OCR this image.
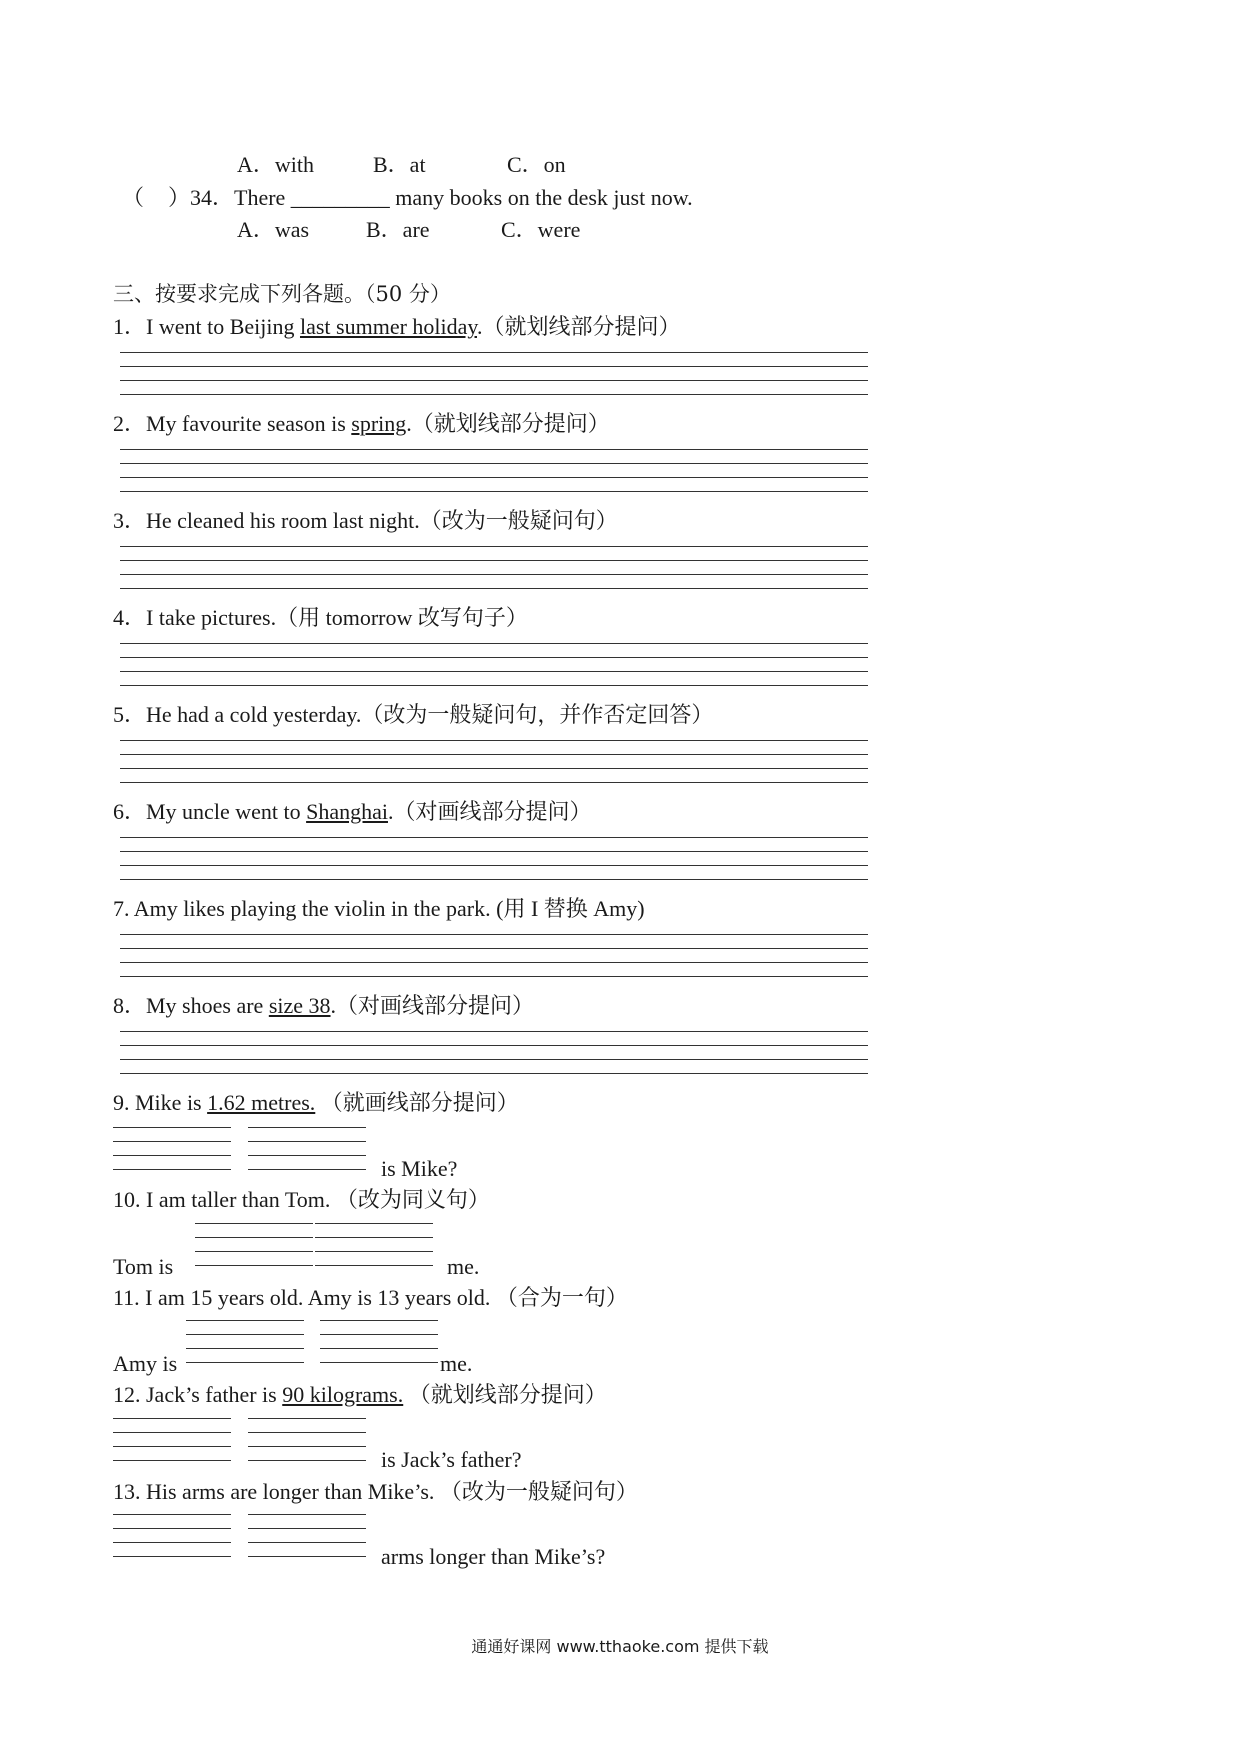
A．with	B．at	C．on
（ ）34．There _________ many books on the desk just now.
A．was	B．are	C．were
三、按要求完成下列各题。（50 分）
1．I went to Beijing last summer holiday.（就划线部分提问）
2．My favourite season is spring.（就划线部分提问）
3．He cleaned his room last night.（改为一般疑问句）
4．I take pictures.（用 tomorrow 改写句子）
5．He had a cold yesterday.（改为一般疑问句，并作否定回答）
6．My uncle went to Shanghai.（对画线部分提问）
7. Amy likes playing the violin in the park. (用 I 替换 Amy)
8．My shoes are size 38.（对画线部分提问）
9. Mike is 1.62 metres. （就画线部分提问）
is Mike?
10. I am taller than Tom. （改为同义句）
Tom is	me.
11. I am 15 years old. Amy is 13 years old. （合为一句）
Amy is	me.
12. Jack’s father is 90 kilograms. （就划线部分提问）
is Jack’s father?
13. His arms are longer than Mike’s. （改为一般疑问句）
arms longer than Mike’s?
通通好课网 www.tthaoke.com 提供下载
